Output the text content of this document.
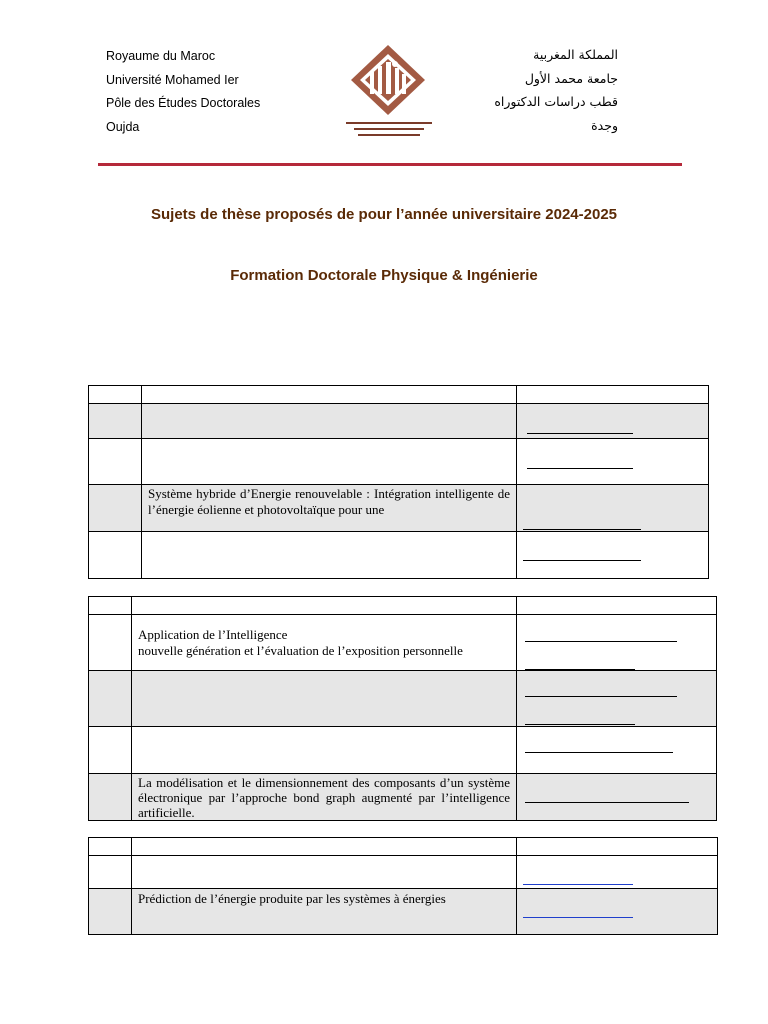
Royaume du Maroc
Université Mohamed Ier
Pôle des Études Doctorales
Oujda
المملكة المغربية
جامعة محمد الأول
قطب دراسات الدكتوراه
وجدة
Sujets de thèse proposés de pour l’année universitaire 2024-2025
Formation Doctorale Physique & Ingénierie

	Système hybride d’Energie renouvelable : Intégration intelligente de l’énergie éolienne et photovoltaïque pour une	

	Application de l’Intelligence
nouvelle génération et l’évaluation de l’exposition personnelle	

	La modélisation et le dimensionnement des composants d’un système électronique par l’approche bond graph augmenté par l’intelligence artificielle.	

	Prédiction de l’énergie produite par les systèmes à énergies	
